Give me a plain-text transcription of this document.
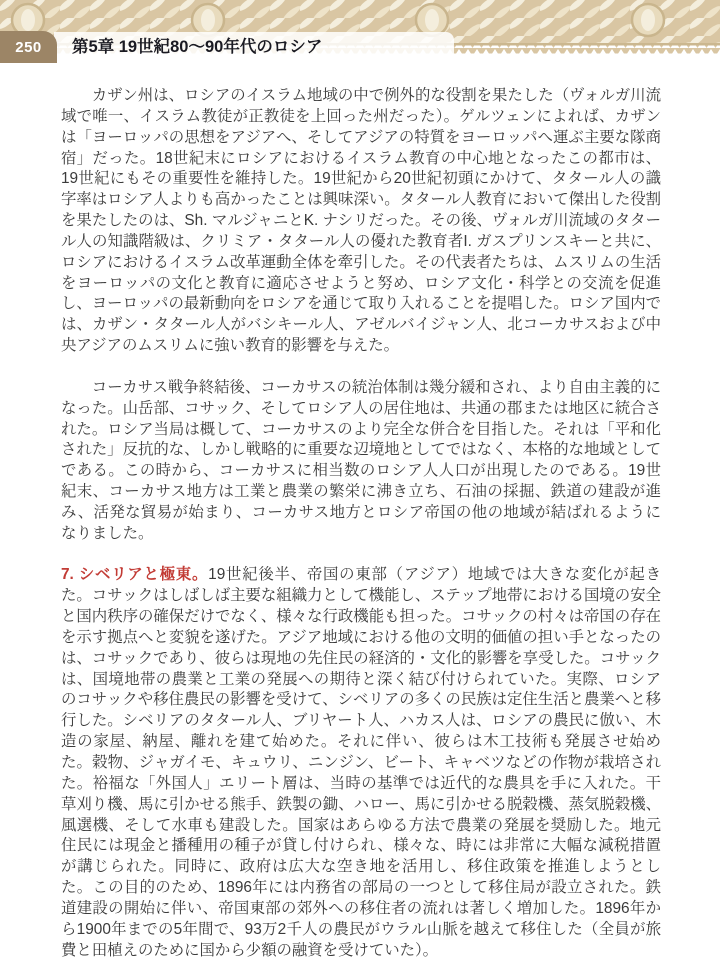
250 第5章 19世紀80〜90年代のロシア

カザン州は、ロシアのイスラム地域の中で例外的な役割を果たした（ヴォルガ川流域で唯一、イスラム教徒が正教徒を上回った州だった）。ゲルツェンによれば、カザンは「ヨーロッパの思想をアジアへ、そしてアジアの特質をヨーロッパへ運ぶ主要な隊商宿」だった。18世紀末にロシアにおけるイスラム教育の中心地となったこの都市は、19世紀にもその重要性を維持した。19世紀から20世紀初頭にかけて、タタール人の識字率はロシア人よりも高かったことは興味深い。タタール人教育において傑出した役割を果たしたのは、Sh. マルジャニとK. ナシリだった。その後、ヴォルガ川流域のタタール人の知識階級は、クリミア・タタール人の優れた教育者I. ガスプリンスキーと共に、ロシアにおけるイスラム改革運動全体を牽引した。その代表者たちは、ムスリムの生活をヨーロッパの文化と教育に適応させようと努め、ロシア文化・科学との交流を促進し、ヨーロッパの最新動向をロシアを通じて取り入れることを提唱した。ロシア国内では、カザン・タタール人がバシキール人、アゼルバイジャン人、北コーカサスおよび中央アジアのムスリムに強い教育的影響を与えた。

コーカサス戦争終結後、コーカサスの統治体制は幾分緩和され、より自由主義的になった。山岳部、コサック、そしてロシア人の居住地は、共通の郡または地区に統合された。ロシア当局は概して、コーカサスのより完全な併合を目指した。それは「平和化された」反抗的な、しかし戦略的に重要な辺境地としてではなく、本格的な地域としてである。この時から、コーカサスに相当数のロシア人人口が出現したのである。19世紀末、コーカサス地方は工業と農業の繁栄に沸き立ち、石油の採掘、鉄道の建設が進み、活発な貿易が始まり、コーカサス地方とロシア帝国の他の地域が結ばれるようになりました。

7. シベリアと極東。19世紀後半、帝国の東部（アジア）地域では大きな変化が起きた。コサックはしばしば主要な組織力として機能し、ステップ地帯における国境の安全と国内秩序の確保だけでなく、様々な行政機能も担った。コサックの村々は帝国の存在を示す拠点へと変貌を遂げた。アジア地域における他の文明的価値の担い手となったのは、コサックであり、彼らは現地の先住民の経済的・文化的影響を享受した。コサックは、国境地帯の農業と工業の発展への期待と深く結び付けられていた。実際、ロシアのコサックや移住農民の影響を受けて、シベリアの多くの民族は定住生活と農業へと移行した。シベリアのタタール人、ブリヤート人、ハカス人は、ロシアの農民に倣い、木造の家屋、納屋、離れを建て始めた。それに伴い、彼らは木工技術も発展させ始めた。穀物、ジャガイモ、キュウリ、ニンジン、ビート、キャベツなどの作物が栽培された。裕福な「外国人」エリート層は、当時の基準では近代的な農具を手に入れた。干草刈り機、馬に引かせる熊手、鉄製の鋤、ハロー、馬に引かせる脱穀機、蒸気脱穀機、風選機、そして水車も建設した。国家はあらゆる方法で農業の発展を奨励した。地元住民には現金と播種用の種子が貸し付けられ、様々な、時には非常に大幅な減税措置が講じられた。同時に、政府は広大な空き地を活用し、移住政策を推進しようとした。この目的のため、1896年には内務省の部局の一つとして移住局が設立された。鉄道建設の開始に伴い、帝国東部の郊外への移住者の流れは著しく増加した。1896年から1900年までの5年間で、93万2千人の農民がウラル山脈を越えて移住した（全員が旅費と田植えのために国から少額の融資を受けていた）。
